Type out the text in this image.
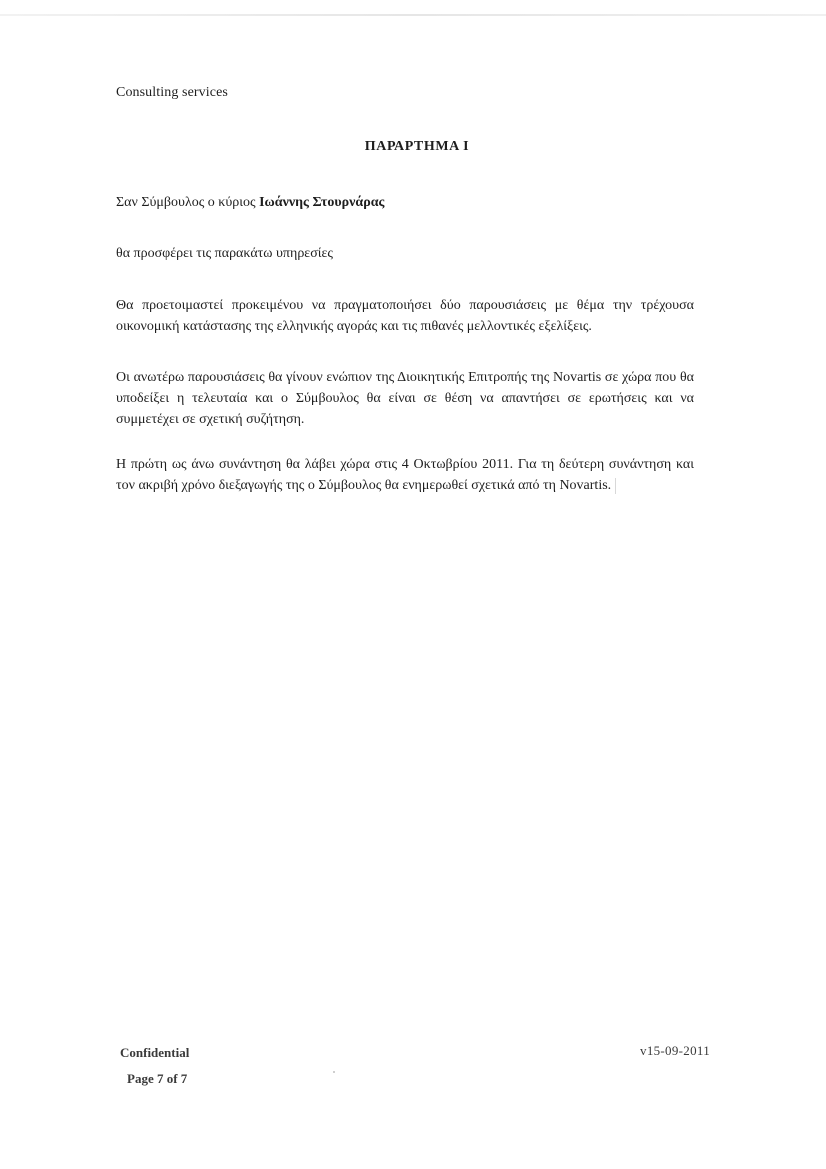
Consulting services
ΠΑΡΑΡΤΗΜΑ Ι
Σαν Σύμβουλος ο κύριος Ιωάννης Στουρνάρας
θα προσφέρει τις παρακάτω υπηρεσίες
Θα προετοιμαστεί προκειμένου να πραγματοποιήσει δύο παρουσιάσεις με θέμα την τρέχουσα οικονομική κατάστασης της ελληνικής αγοράς και τις πιθανές μελλοντικές εξελίξεις.
Οι ανωτέρω παρουσιάσεις θα γίνουν ενώπιον της Διοικητικής Επιτροπής της Novartis σε χώρα που θα υποδείξει η τελευταία και ο Σύμβουλος θα είναι σε θέση να απαντήσει σε ερωτήσεις και να συμμετέχει σε σχετική συζήτηση.
Η πρώτη ως άνω συνάντηση θα λάβει χώρα στις 4 Οκτωβρίου 2011. Για τη δεύτερη συνάντηση και τον ακριβή χρόνο διεξαγωγής της ο Σύμβουλος θα ενημερωθεί σχετικά από τη Novartis.
Confidential
Page 7 of 7
v15-09-2011
